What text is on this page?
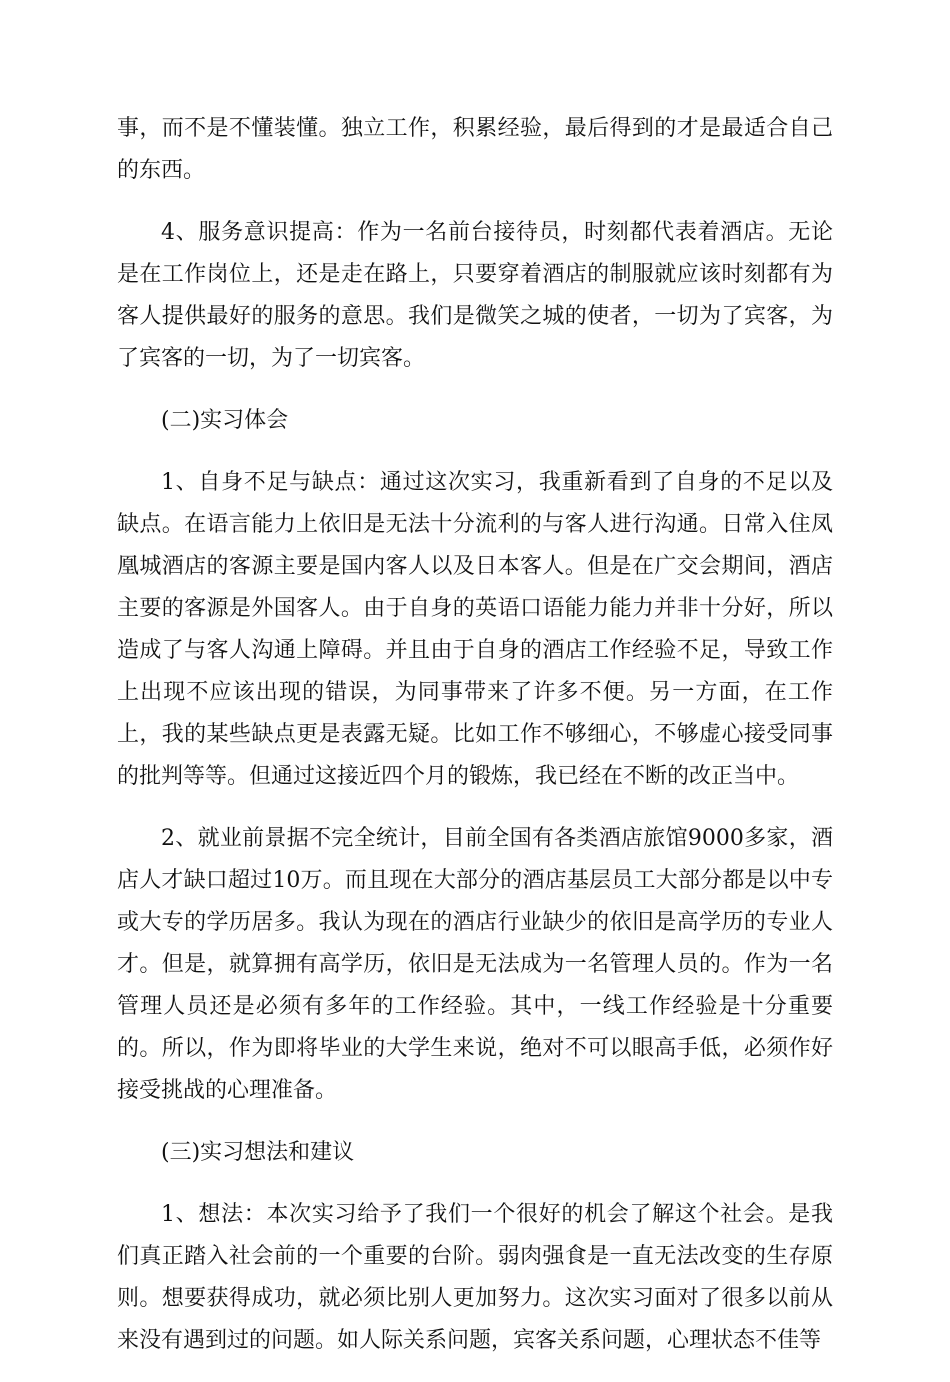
事，而不是不懂装懂。独立工作，积累经验，最后得到的才是最适合自己的东西。

4、服务意识提高：作为一名前台接待员，时刻都代表着酒店。无论是在工作岗位上，还是走在路上，只要穿着酒店的制服就应该时刻都有为客人提供最好的服务的意思。我们是微笑之城的使者，一切为了宾客，为了宾客的一切，为了一切宾客。

(二)实习体会

1、自身不足与缺点：通过这次实习，我重新看到了自身的不足以及缺点。在语言能力上依旧是无法十分流利的与客人进行沟通。日常入住凤凰城酒店的客源主要是国内客人以及日本客人。但是在广交会期间，酒店主要的客源是外国客人。由于自身的英语口语能力能力并非十分好，所以造成了与客人沟通上障碍。并且由于自身的酒店工作经验不足，导致工作上出现不应该出现的错误，为同事带来了许多不便。另一方面，在工作上，我的某些缺点更是表露无疑。比如工作不够细心，不够虚心接受同事的批判等等。但通过这接近四个月的锻炼，我已经在不断的改正当中。

2、就业前景据不完全统计，目前全国有各类酒店旅馆9000多家，酒店人才缺口超过10万。而且现在大部分的酒店基层员工大部分都是以中专或大专的学历居多。我认为现在的酒店行业缺少的依旧是高学历的专业人才。但是，就算拥有高学历，依旧是无法成为一名管理人员的。作为一名管理人员还是必须有多年的工作经验。其中，一线工作经验是十分重要的。所以，作为即将毕业的大学生来说，绝对不可以眼高手低，必须作好接受挑战的心理准备。

(三)实习想法和建议

1、想法：本次实习给予了我们一个很好的机会了解这个社会。是我们真正踏入社会前的一个重要的台阶。弱肉强食是一直无法改变的生存原则。想要获得成功，就必须比别人更加努力。这次实习面对了很多以前从来没有遇到过的问题。如人际关系问题，宾客关系问题，心理状态不佳等
